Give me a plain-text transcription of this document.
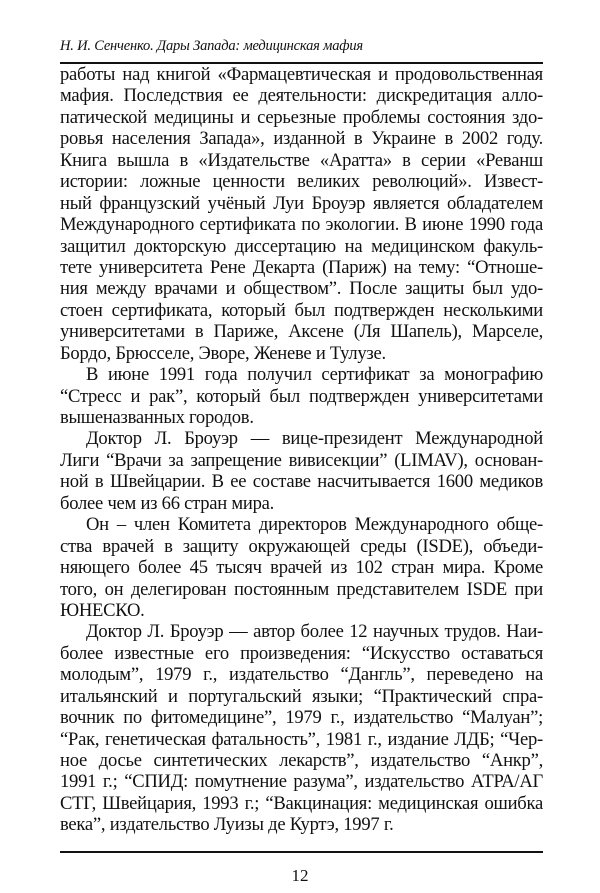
Н. И. Сенченко. Дары Запада: медицинская мафия
работы над книгой «Фармацевтическая и продовольственная
мафия. Последствия ее деятельности: дискредитация алло-
патической медицины и серьезные проблемы состояния здо-
ровья населения Запада», изданной в Украине в 2002 году.
Книга вышла в «Издательстве «Аратта» в серии «Реванш
истории: ложные ценности великих революций». Извест-
ный французский учёный Луи Броуэр является обладателем
Международного сертификата по экологии. В июне 1990 года
защитил докторскую диссертацию на медицинском факуль-
тете университета Рене Декарта (Париж) на тему: “Отноше-
ния между врачами и обществом”. После защиты был удо-
стоен сертификата, который был подтвержден несколькими
университетами в Париже, Аксене (Ля Шапель), Марселе,
Бордо, Брюсселе, Эворе, Женеве и Тулузе.
В июне 1991 года получил сертификат за монографию
“Стресс и рак”, который был подтвержден университетами
вышеназванных городов.
Доктор Л. Броуэр — вице-президент Международной
Лиги “Врачи за запрещение вивисекции” (LIMAV), основан-
ной в Швейцарии. В ее составе насчитывается 1600 медиков
более чем из 66 стран мира.
Он – член Комитета директоров Международного обще-
ства врачей в защиту окружающей среды (ISDE), объеди-
няющего более 45 тысяч врачей из 102 стран мира. Кроме
того, он делегирован постоянным представителем ISDE при
ЮНЕСКО.
Доктор Л. Броуэр — автор более 12 научных трудов. Наи-
более известные его произведения: “Искусство оставаться
молодым”, 1979 г., издательство “Дангль”, переведено на
итальянский и португальский языки; “Практический спра-
вочник по фитомедицине”, 1979 г., издательство “Малуан”;
“Рак, генетическая фатальность”, 1981 г., издание ЛДБ; “Чер-
ное досье синтетических лекарств”, издательство “Анкр”,
1991 г.; “СПИД: помутнение разума”, издательство АТРА/АГ
СТГ, Швейцария, 1993 г.; “Вакцинация: медицинская ошибка
века”, издательство Луизы де Куртэ, 1997 г.
12
